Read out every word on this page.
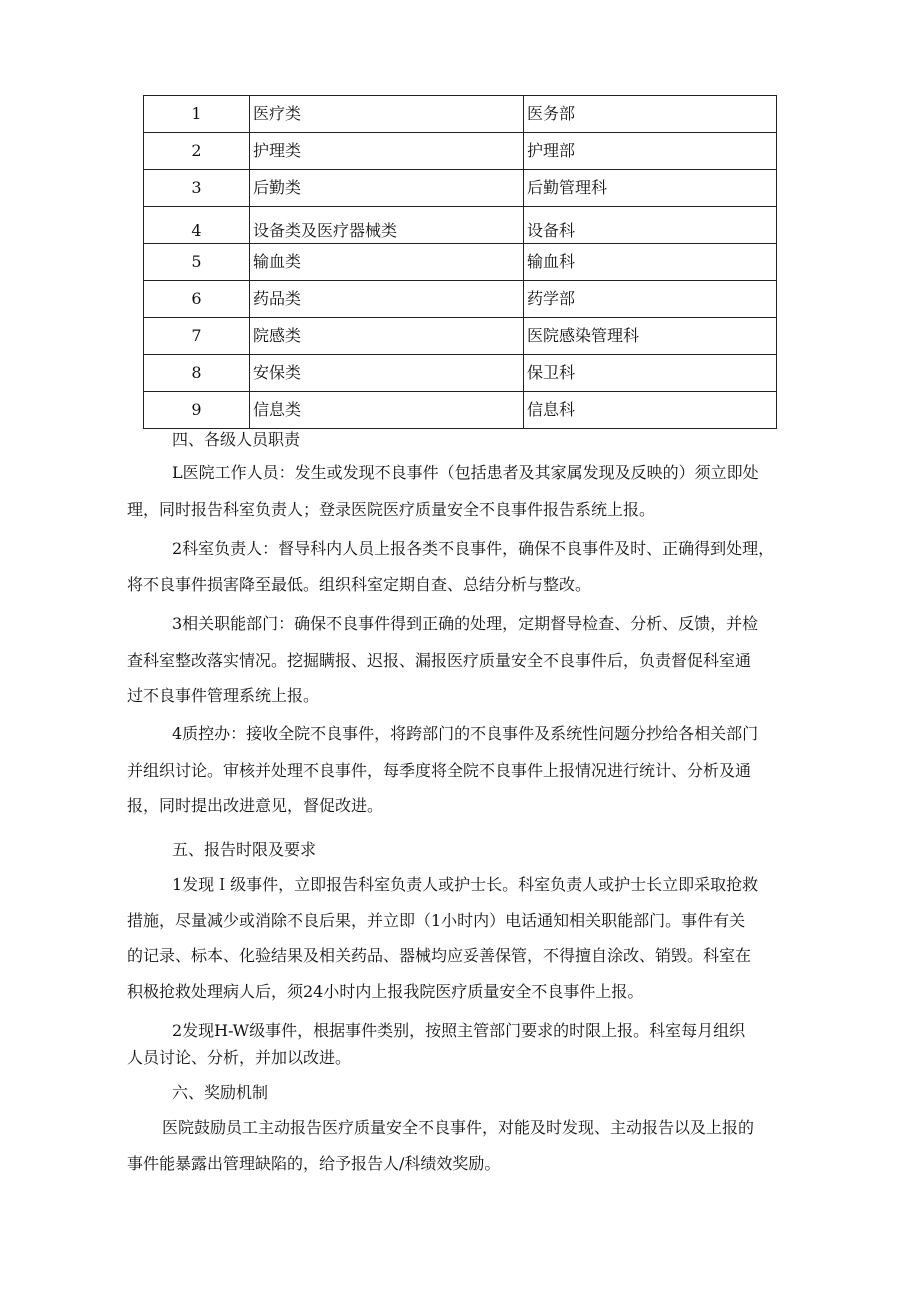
1	医疗类	医务部
2	护理类	护理部
3	后勤类	后勤管理科
4	设备类及医疗器械类	设备科
5	输血类	输血科
6	药品类	药学部
7	院感类	医院感染管理科
8	安保类	保卫科
9	信息类	信息科
四、各级人员职责
L医院工作人员：发生或发现不良事件（包括患者及其家属发现及反映的）须立即处
理，同时报告科室负责人；登录医院医疗质量安全不良事件报告系统上报。
2科室负责人：督导科内人员上报各类不良事件，确保不良事件及时、正确得到处理，
将不良事件损害降至最低。组织科室定期自查、总结分析与整改。
3相关职能部门：确保不良事件得到正确的处理，定期督导检查、分析、反馈，并检
查科室整改落实情况。挖掘瞒报、迟报、漏报医疗质量安全不良事件后，负责督促科室通
过不良事件管理系统上报。
4质控办：接收全院不良事件，将跨部门的不良事件及系统性问题分抄给各相关部门
并组织讨论。审核并处理不良事件，每季度将全院不良事件上报情况进行统计、分析及通
报，同时提出改进意见，督促改进。
五、报告时限及要求
1发现Ｉ级事件，立即报告科室负责人或护士长。科室负责人或护士长立即采取抢救
措施，尽量减少或消除不良后果，并立即（1小时内）电话通知相关职能部门。事件有关
的记录、标本、化验结果及相关药品、器械均应妥善保管，不得擅自涂改、销毁。科室在
积极抢救处理病人后，须24小时内上报我院医疗质量安全不良事件上报。
2发现H-W级事件，根据事件类别，按照主管部门要求的时限上报。科室每月组织
人员讨论、分析，并加以改进。
六、奖励机制
医院鼓励员工主动报告医疗质量安全不良事件，对能及时发现、主动报告以及上报的
事件能暴露出管理缺陷的，给予报告人/科绩效奖励。
